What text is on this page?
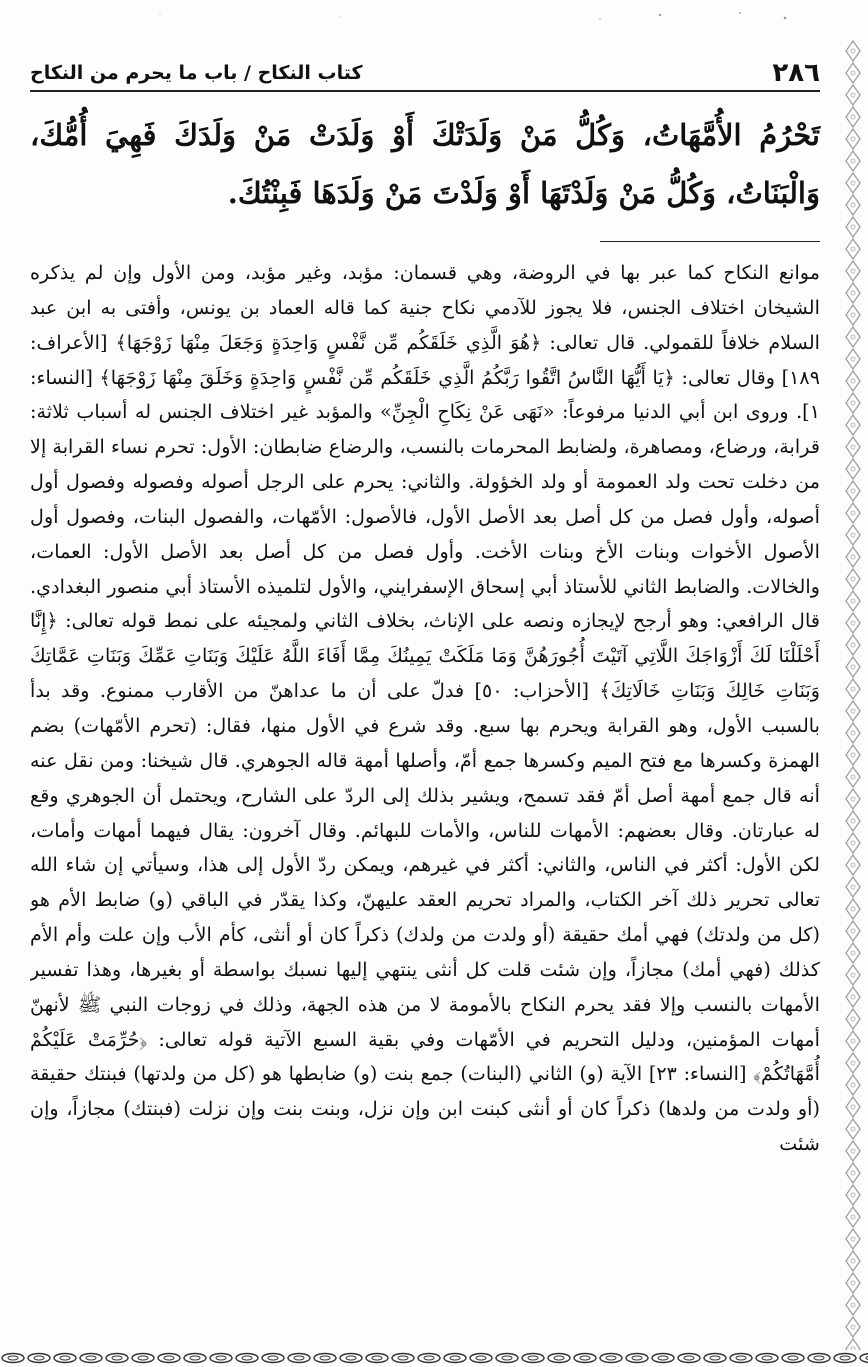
٢٨٦
كتاب النكاح / باب ما يحرم من النكاح
تَحْرُمُ الأُمَّهَاتُ، وَكُلُّ مَنْ وَلَدَتْكَ أَوْ وَلَدَتْ مَنْ وَلَدَكَ فَهِيَ أُمُّكَ، وَالْبَنَاتُ، وَكُلُّ مَنْ وَلَدْتَهَا أَوْ وَلَدْتَ مَنْ وَلَدَهَا فَبِنْتُكَ.

موانع النكاح كما عبر بها في الروضة، وهي قسمان: مؤبد، وغير مؤبد، ومن الأول وإن لم يذكره الشيخان اختلاف الجنس، فلا يجوز للآدمي نكاح جنية كما قاله العماد بن يونس، وأفتى به ابن عبد السلام خلافاً للقمولي. قال تعالى: ﴿هُوَ الَّذِي خَلَقَكُم مِّن نَّفْسٍ وَاحِدَةٍ وَجَعَلَ مِنْهَا زَوْجَهَا﴾ [الأعراف: ١٨٩] وقال تعالى: ﴿يَا أَيُّهَا النَّاسُ اتَّقُوا رَبَّكُمُ الَّذِي خَلَقَكُم مِّن نَّفْسٍ وَاحِدَةٍ وَخَلَقَ مِنْهَا زَوْجَهَا﴾ [النساء: ١]. وروى ابن أبي الدنيا مرفوعاً: «نَهَى عَنْ نِكَاحِ الْجِنِّ» والمؤبد غير اختلاف الجنس له أسباب ثلاثة: قرابة، ورضاع، ومصاهرة، ولضابط المحرمات بالنسب، والرضاع ضابطان: الأول: تحرم نساء القرابة إلا من دخلت تحت ولد العمومة أو ولد الخؤولة. والثاني: يحرم على الرجل أصوله وفصوله وفصول أول أصوله، وأول فصل من كل أصل بعد الأصل الأول، فالأصول: الأمّهات، والفصول البنات، وفصول أول الأصول الأخوات وبنات الأخ وبنات الأخت. وأول فصل من كل أصل بعد الأصل الأول: العمات، والخالات. والضابط الثاني للأستاذ أبي إسحاق الإسفرايني، والأول لتلميذه الأستاذ أبي منصور البغدادي. قال الرافعي: وهو أرجح لإيجازه ونصه على الإناث، بخلاف الثاني ولمجيئه على نمط قوله تعالى: ﴿إِنَّا أَحْلَلْنَا لَكَ أَزْوَاجَكَ اللَّاتِي آتَيْتَ أُجُورَهُنَّ وَمَا مَلَكَتْ يَمِينُكَ مِمَّا أَفَاءَ اللَّهُ عَلَيْكَ وَبَنَاتِ عَمِّكَ وَبَنَاتِ عَمَّاتِكَ وَبَنَاتِ خَالِكَ وَبَنَاتِ خَالَاتِكَ﴾ [الأحزاب: ٥٠] فدلّ على أن ما عداهنّ من الأقارب ممنوع. وقد بدأ بالسبب الأول، وهو القرابة ويحرم بها سبع. وقد شرع في الأول منها، فقال: (تحرم الأمّهات) بضم الهمزة وكسرها مع فتح الميم وكسرها جمع أمّ، وأصلها أمهة قاله الجوهري. قال شيخنا: ومن نقل عنه أنه قال جمع أمهة أصل أمّ فقد تسمح، ويشير بذلك إلى الردّ على الشارح، ويحتمل أن الجوهري وقع له عبارتان. وقال بعضهم: الأمهات للناس، والأمات للبهائم. وقال آخرون: يقال فيهما أمهات وأمات، لكن الأول: أكثر في الناس، والثاني: أكثر في غيرهم، ويمكن ردّ الأول إلى هذا، وسيأتي إن شاء الله تعالى تحرير ذلك آخر الكتاب، والمراد تحريم العقد عليهنّ، وكذا يقدّر في الباقي (و) ضابط الأم هو (كل من ولدتك) فهي أمك حقيقة (أو ولدت من ولدك) ذكراً كان أو أنثى، كأم الأب وإن علت وأم الأم كذلك (فهي أمك) مجازاً، وإن شئت قلت كل أنثى ينتهي إليها نسبك بواسطة أو بغيرها، وهذا تفسير الأمهات بالنسب وإلا فقد يحرم النكاح بالأمومة لا من هذه الجهة، وذلك في زوجات النبي ﷺ لأنهنّ أمهات المؤمنين، ودليل التحريم في الأمّهات وفي بقية السبع الآتية قوله تعالى: ﴿حُرِّمَتْ عَلَيْكُمْ أُمَّهَاتُكُمْ﴾ [النساء: ٢٣] الآية (و) الثاني (البنات) جمع بنت (و) ضابطها هو (كل من ولدتها) فبنتك حقيقة (أو ولدت من ولدها) ذكراً كان أو أنثى كبنت ابن وإن نزل، وبنت بنت وإن نزلت (فبنتك) مجازاً، وإن شئت
